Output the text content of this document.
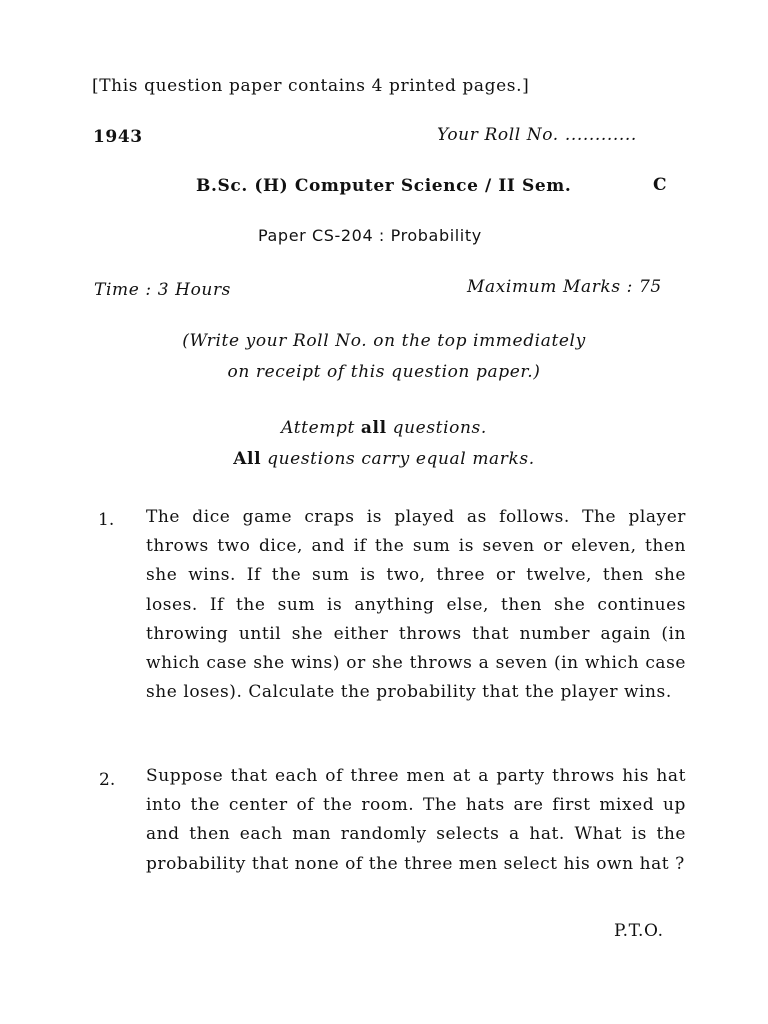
[This question paper contains 4 printed pages.]
1943	Your Roll No. ............
B.Sc. (H) Computer Science / II Sem.	C
Paper CS-204 : Probability
Time : 3 Hours	Maximum Marks : 75
(Write your Roll No. on the top immediately
on receipt of this question paper.)
Attempt all questions.
All questions carry equal marks.
1. The dice game craps is played as follows. The player throws two dice, and if the sum is seven or eleven, then she wins. If the sum is two, three or twelve, then she loses. If the sum is anything else, then she continues throwing until she either throws that number again (in which case she wins) or she throws a seven (in which case she loses). Calculate the probability that the player wins.
2. Suppose that each of three men at a party throws his hat into the center of the room. The hats are first mixed up and then each man randomly selects a hat. What is the probability that none of the three men select his own hat ?
P.T.O.
